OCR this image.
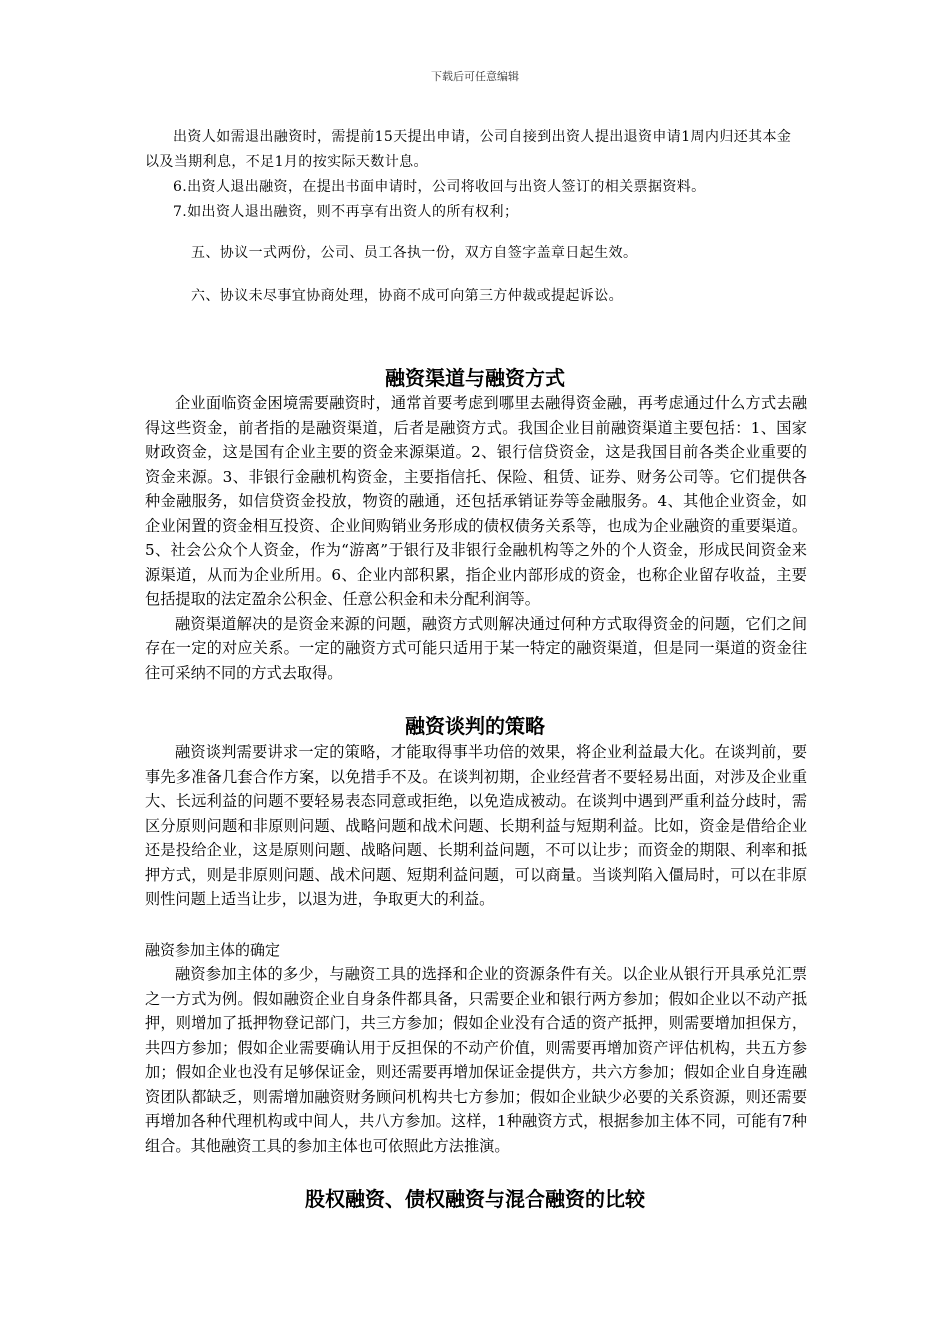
下载后可任意编辑

出资人如需退出融资时，需提前15天提出申请，公司自接到出资人提出退资申请1周内归还其本金以及当期利息，不足1月的按实际天数计息。

6.出资人退出融资，在提出书面申请时，公司将收回与出资人签订的相关票据资料。

7.如出资人退出融资，则不再享有出资人的所有权利；

五、协议一式两份，公司、员工各执一份，双方自签字盖章日起生效。

六、协议未尽事宜协商处理，协商不成可向第三方仲裁或提起诉讼。

融资渠道与融资方式

企业面临资金困境需要融资时，通常首要考虑到哪里去融得资金融，再考虑通过什么方式去融得这些资金，前者指的是融资渠道，后者是融资方式。我国企业目前融资渠道主要包括：1、国家财政资金，这是国有企业主要的资金来源渠道。2、银行信贷资金，这是我国目前各类企业重要的资金来源。3、非银行金融机构资金，主要指信托、保险、租赁、证券、财务公司等。它们提供各种金融服务，如信贷资金投放，物资的融通，还包括承销证券等金融服务。4、其他企业资金，如企业闲置的资金相互投资、企业间购销业务形成的债权债务关系等，也成为企业融资的重要渠道。5、社会公众个人资金，作为“游离”于银行及非银行金融机构等之外的个人资金，形成民间资金来源渠道，从而为企业所用。6、企业内部积累，指企业内部形成的资金，也称企业留存收益，主要包括提取的法定盈余公积金、任意公积金和未分配利润等。

融资渠道解决的是资金来源的问题，融资方式则解决通过何种方式取得资金的问题，它们之间存在一定的对应关系。一定的融资方式可能只适用于某一特定的融资渠道，但是同一渠道的资金往往可采纳不同的方式去取得。

融资谈判的策略

融资谈判需要讲求一定的策略，才能取得事半功倍的效果，将企业利益最大化。在谈判前，要事先多准备几套合作方案，以免措手不及。在谈判初期，企业经营者不要轻易出面，对涉及企业重大、长远利益的问题不要轻易表态同意或拒绝，以免造成被动。在谈判中遇到严重利益分歧时，需区分原则问题和非原则问题、战略问题和战术问题、长期利益与短期利益。比如，资金是借给企业还是投给企业，这是原则问题、战略问题、长期利益问题，不可以让步；而资金的期限、利率和抵押方式，则是非原则问题、战术问题、短期利益问题，可以商量。当谈判陷入僵局时，可以在非原则性问题上适当让步，以退为进，争取更大的利益。

融资参加主体的确定

融资参加主体的多少，与融资工具的选择和企业的资源条件有关。以企业从银行开具承兑汇票之一方式为例。假如融资企业自身条件都具备，只需要企业和银行两方参加；假如企业以不动产抵押，则增加了抵押物登记部门，共三方参加；假如企业没有合适的资产抵押，则需要增加担保方，共四方参加；假如企业需要确认用于反担保的不动产价值，则需要再增加资产评估机构，共五方参加；假如企业也没有足够保证金，则还需要再增加保证金提供方，共六方参加；假如企业自身连融资团队都缺乏，则需增加融资财务顾问机构共七方参加；假如企业缺少必要的关系资源，则还需要再增加各种代理机构或中间人，共八方参加。这样，1种融资方式，根据参加主体不同，可能有7种组合。其他融资工具的参加主体也可依照此方法推演。

股权融资、债权融资与混合融资的比较
